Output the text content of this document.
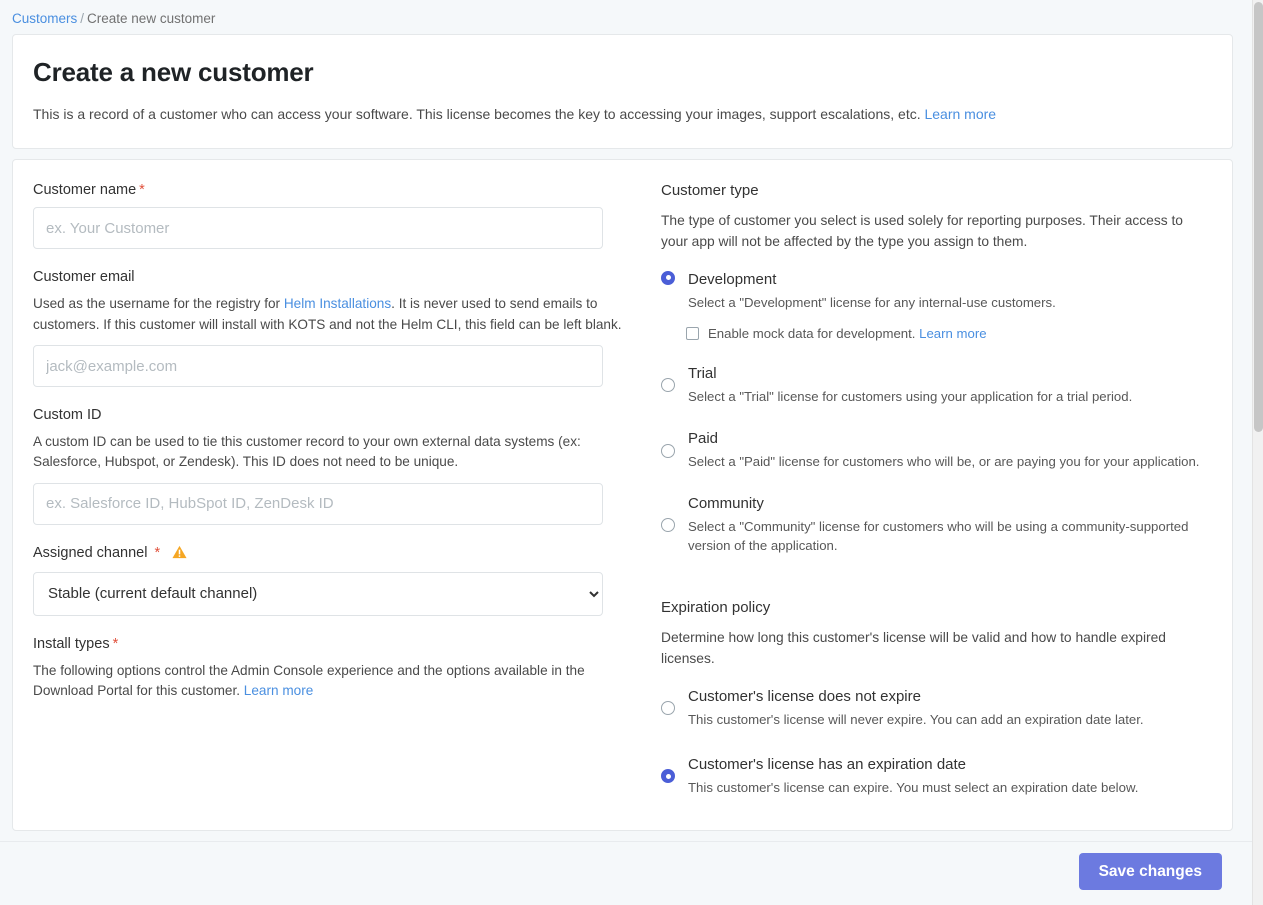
Customers / Create new customer
Create a new customer
This is a record of a customer who can access your software. This license becomes the key to accessing your images, support escalations, etc. Learn more
Customer name *
ex. Your Customer
Customer email

Used as the username for the registry for Helm Installations. It is never used to send emails to customers. If this customer will install with KOTS and not the Helm CLI, this field can be left blank.

jack@example.com
Custom ID

A custom ID can be used to tie this customer record to your own external data systems (ex: Salesforce, Hubspot, or Zendesk). This ID does not need to be unique.

ex. Salesforce ID, HubSpot ID, ZenDesk ID
Assigned channel *
Stable (current default channel)
Install types *

The following options control the Admin Console experience and the options available in the Download Portal for this customer. Learn more

Customer type

The type of customer you select is used solely for reporting purposes. Their access to your app will not be affected by the type you assign to them.

Development
Select a "Development" license for any internal-use customers.
Enable mock data for development. Learn more
Trial
Select a "Trial" license for customers using your application for a trial period.
Paid
Select a "Paid" license for customers who will be, or are paying you for your application.
Community
Select a "Community" license for customers who will be using a community-supported version of the application.
Expiration policy

Determine how long this customer's license will be valid and how to handle expired licenses.

Customer's license does not expire
This customer's license will never expire. You can add an expiration date later.
Customer's license has an expiration date
This customer's license can expire. You must select an expiration date below.
Save changes
